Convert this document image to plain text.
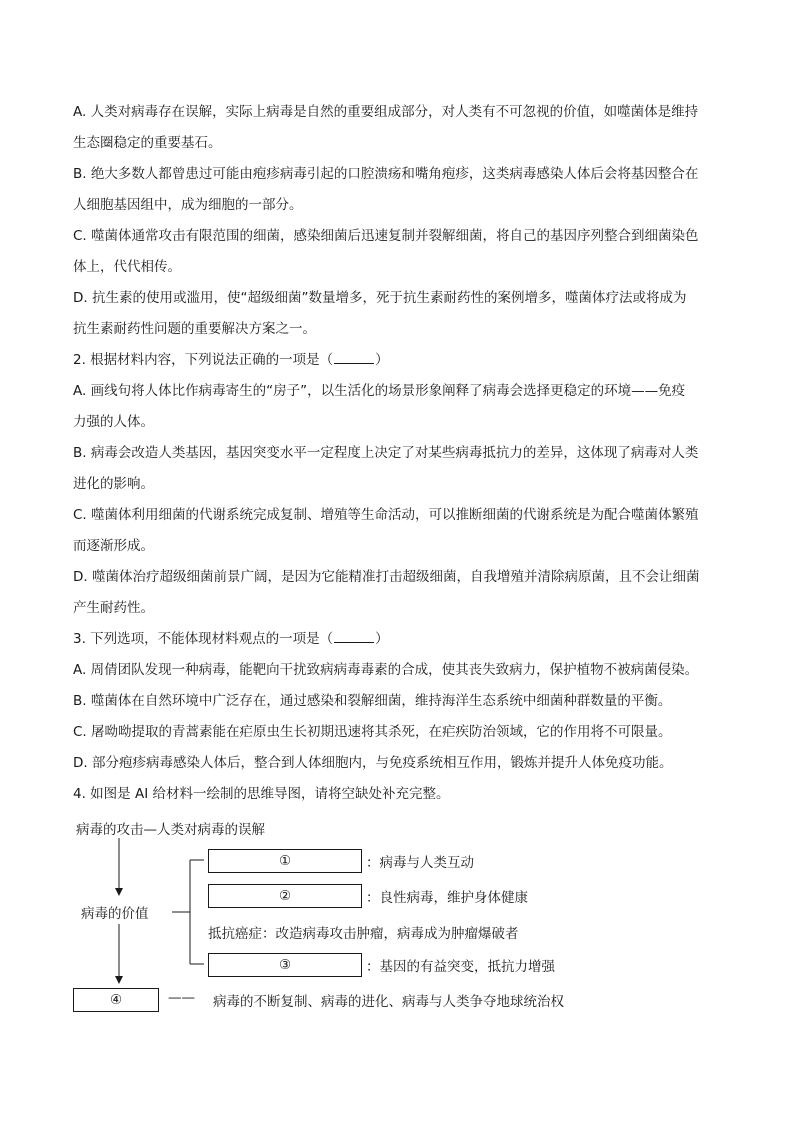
A. 人类对病毒存在误解，实际上病毒是自然的重要组成部分，对人类有不可忽视的价值，如噬菌体是维持
生态圈稳定的重要基石。
B. 绝大多数人都曾患过可能由疱疹病毒引起的口腔溃疡和嘴角疱疹，这类病毒感染人体后会将基因整合在
人细胞基因组中，成为细胞的一部分。
C. 噬菌体通常攻击有限范围的细菌，感染细菌后迅速复制并裂解细菌，将自己的基因序列整合到细菌染色
体上，代代相传。
D. 抗生素的使用或滥用，使“超级细菌”数量增多，死于抗生素耐药性的案例增多，噬菌体疗法或将成为
抗生素耐药性问题的重要解决方案之一。
2. 根据材料内容，下列说法正确的一项是（	）
A. 画线句将人体比作病毒寄生的“房子”，以生活化的场景形象阐释了病毒会选择更稳定的环境——免疫
力强的人体。
B. 病毒会改造人类基因，基因突变水平一定程度上决定了对某些病毒抵抗力的差异，这体现了病毒对人类
进化的影响。
C. 噬菌体利用细菌的代谢系统完成复制、增殖等生命活动，可以推断细菌的代谢系统是为配合噬菌体繁殖
而逐渐形成。
D. 噬菌体治疗超级细菌前景广阔，是因为它能精准打击超级细菌，自我增殖并清除病原菌，且不会让细菌
产生耐药性。
3. 下列选项，不能体现材料观点的一项是（	）
A. 周倩团队发现一种病毒，能靶向干扰致病病毒毒素的合成，使其丧失致病力，保护植物不被病菌侵染。
B. 噬菌体在自然环境中广泛存在，通过感染和裂解细菌，维持海洋生态系统中细菌种群数量的平衡。
C. 屠呦呦提取的青蒿素能在疟原虫生长初期迅速将其杀死，在疟疾防治领域，它的作用将不可限量。
D. 部分疱疹病毒感染人体后，整合到人体细胞内，与免疫系统相互作用，锻炼并提升人体免疫功能。
4. 如图是 AI 给材料一绘制的思维导图，请将空缺处补充完整。
病毒的攻击—人类对病毒的误解
病毒的价值
①	：病毒与人类互动
②	：良性病毒，维护身体健康
抵抗癌症：改造病毒攻击肿瘤，病毒成为肿瘤爆破者
③	：基因的有益突变，抵抗力增强
④	—— 病毒的不断复制、病毒的进化、病毒与人类争夺地球统治权
